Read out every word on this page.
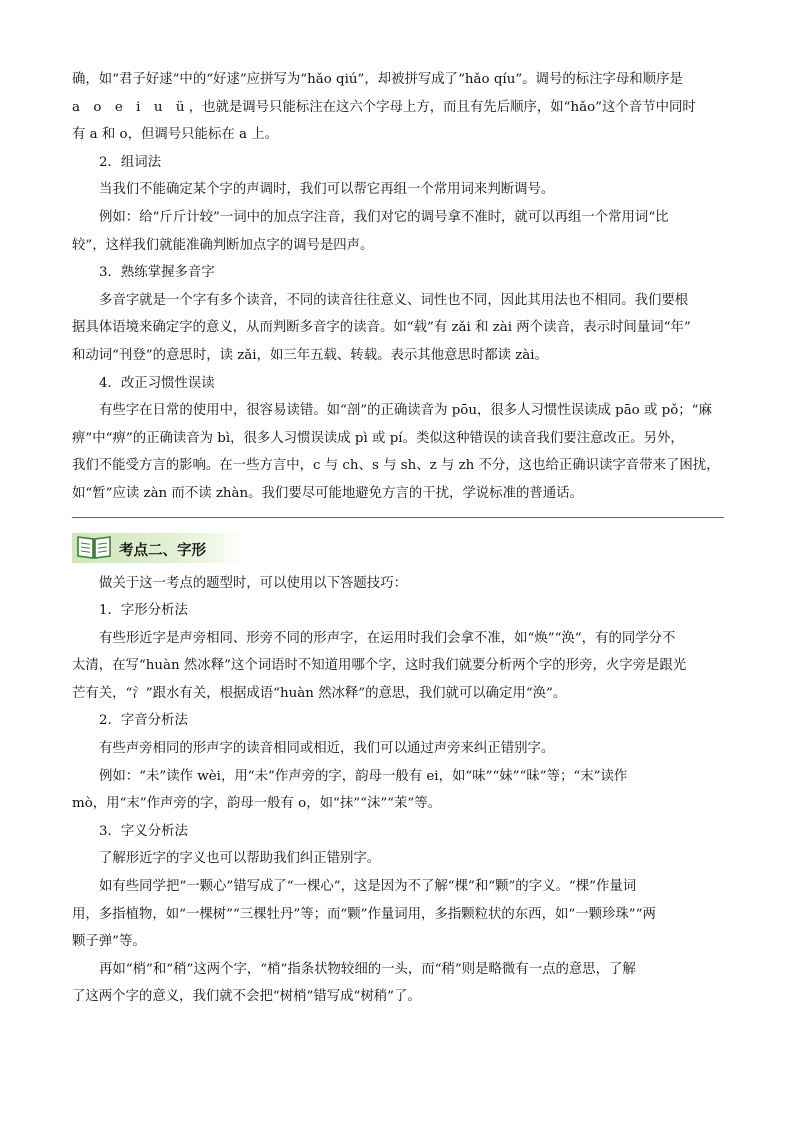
确，如“君子好逑”中的“好逑”应拼写为“hǎo qiú”，却被拼写成了“hǎo qíu”。调号的标注字母和顺序是

a　o　e　i　u　ü ，也就是调号只能标注在这六个字母上方，而且有先后顺序，如“hǎo”这个音节中同时

有 a 和 o，但调号只能标在 a 上。

2．组词法

当我们不能确定某个字的声调时，我们可以帮它再组一个常用词来判断调号。

例如：给“斤斤计较”一词中的加点字注音，我们对它的调号拿不准时，就可以再组一个常用词“比

较”，这样我们就能准确判断加点字的调号是四声。

3．熟练掌握多音字

多音字就是一个字有多个读音，不同的读音往往意义、词性也不同，因此其用法也不相同。我们要根

据具体语境来确定字的意义，从而判断多音字的读音。如“载”有 zǎi 和 zài 两个读音，表示时间量词“年”

和动词“刊登”的意思时，读 zǎi，如三年五载、转载。表示其他意思时都读 zài。

4．改正习惯性误读

有些字在日常的使用中，很容易读错。如“剖”的正确读音为 pōu，很多人习惯性误读成 pāo 或 pǒ；“麻

痹”中“痹”的正确读音为 bì，很多人习惯误读成 pì 或 pí。类似这种错误的读音我们要注意改正。另外，

我们不能受方言的影响。在一些方言中，c 与 ch、s 与 sh、z 与 zh 不分，这也给正确识读字音带来了困扰，

如“暂”应读 zàn 而不读 zhàn。我们要尽可能地避免方言的干扰，学说标准的普通话。

考点二、字形

做关于这一考点的题型时，可以使用以下答题技巧：

1．字形分析法

有些形近字是声旁相同、形旁不同的形声字，在运用时我们会拿不准，如“焕”“涣”，有的同学分不

太清，在写“huàn 然冰释”这个词语时不知道用哪个字，这时我们就要分析两个字的形旁，火字旁是跟光

芒有关，“氵”跟水有关，根据成语“huàn 然冰释”的意思，我们就可以确定用“涣”。

2．字音分析法

有些声旁相同的形声字的读音相同或相近，我们可以通过声旁来纠正错别字。

例如：“未”读作 wèi，用“未”作声旁的字，韵母一般有 ei，如“味”“妹”“昧”等；“末”读作

mò，用“末”作声旁的字，韵母一般有 o，如“抹”“沫”“茉”等。

3．字义分析法

了解形近字的字义也可以帮助我们纠正错别字。

如有些同学把“一颗心”错写成了“一棵心”，这是因为不了解“棵”和“颗”的字义。“棵”作量词

用，多指植物，如“一棵树”“三棵牡丹”等；而“颗”作量词用，多指颗粒状的东西，如“一颗珍珠”“两

颗子弹”等。

再如“梢”和“稍”这两个字，“梢”指条状物较细的一头，而“稍”则是略微有一点的意思，了解

了这两个字的意义，我们就不会把“树梢”错写成“树稍”了。
